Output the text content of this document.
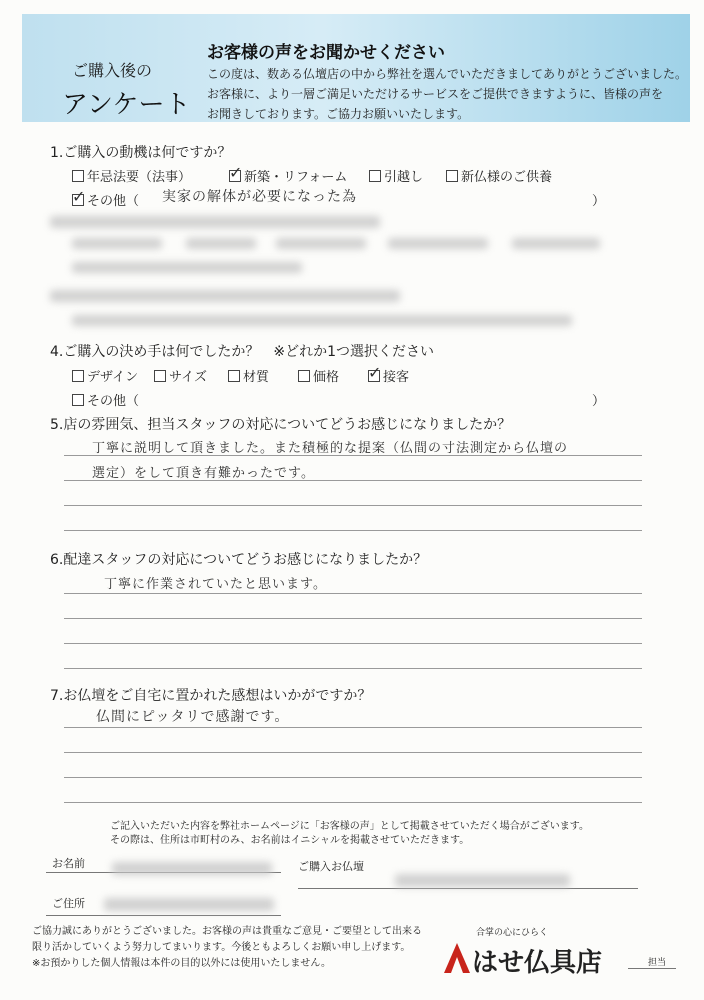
ご購入後の
アンケート
お客様の声をお聞かせください
この度は、数ある仏壇店の中から弊社を選んでいただきましてありがとうございました。
お客様に、より一層ご満足いただけるサービスをご提供できますように、皆様の声を
お聞きしております。ご協力お願いいたします。
1.ご購入の動機は何ですか？
年忌法要（法事） ✓	新築・リフォーム	引越し	新仏様のご供養
✓その他（ 実家の解体が必要になった為	）
4.ご購入の決め手は何でしたか？ ※どれか1つ選択ください
デザイン	サイズ	材質	価格 ✓	接客
その他（	）
5.店の雰囲気、担当スタッフの対応についてどうお感じになりましたか？
丁寧に説明して頂きました。また積極的な提案（仏間の寸法測定から仏壇の
選定）をして頂き有難かったです。
6.配達スタッフの対応についてどうお感じになりましたか？
丁寧に作業されていたと思います。
7.お仏壇をご自宅に置かれた感想はいかがですか？
仏間にピッタリで感謝です。
ご記入いただいた内容を弊社ホームページに「お客様の声」として掲載させていただく場合がございます。
その際は、住所は市町村のみ、お名前はイニシャルを掲載させていただきます。
お名前	ご購入お仏壇
ご住所
ご協力誠にありがとうございました。お客様の声は貴重なご意見・ご要望として出来る
限り活かしていくよう努力してまいります。今後ともよろしくお願い申し上げます。
※お預かりした個人情報は本件の目的以外には使用いたしません。
合掌の心にひらく
はせ仏具店	担当
